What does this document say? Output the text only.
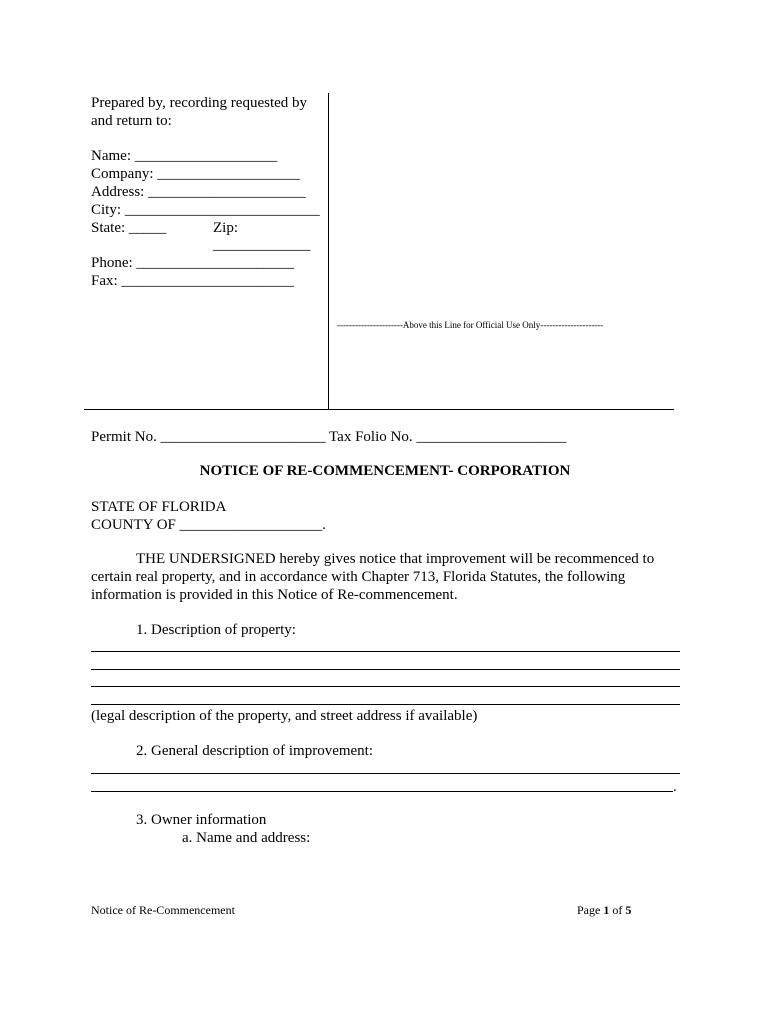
Prepared by, recording requested by
and return to:
Name: ___________________
Company: ___________________
Address: _____________________
City: __________________________
State: _____	Zip:
_____________
Phone: _____________________
Fax: _______________________
----------------------Above this Line for Official Use Only---------------------
Permit No. ______________________ Tax Folio No. ____________________
NOTICE OF RE-COMMENCEMENT- CORPORATION
STATE OF FLORIDA
COUNTY OF ___________________.
THE UNDERSIGNED hereby gives notice that improvement will be recommenced to certain real property, and in accordance with Chapter 713, Florida Statutes, the following information is provided in this Notice of Re-commencement.
1. Description of property:
(legal description of the property, and street address if available)
2. General description of improvement:
.
3. Owner information
a. Name and address:
Notice of Re-Commencement	Page 1 of 5
